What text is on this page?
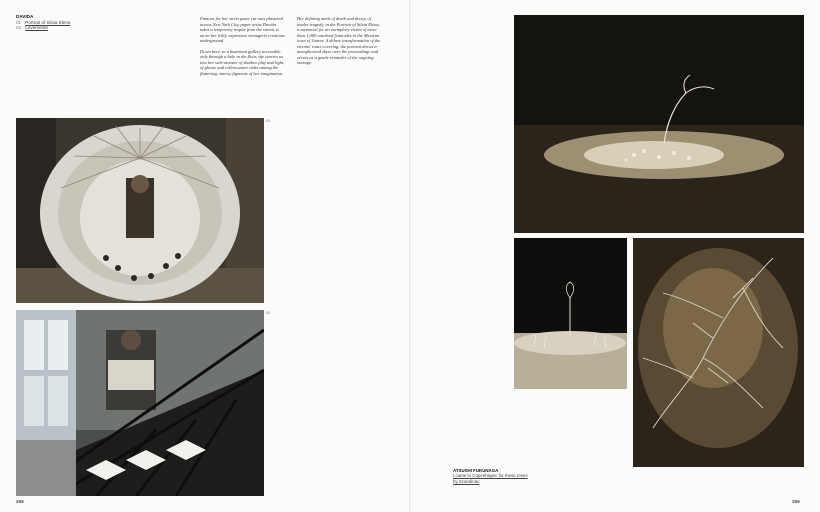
DAVIDA
01 Portrait of Silvia Elena
02 Levemente

Famous for her street paste cut-outs plastered across New York City, paper artist Davida takes a temporary respite from the streets to move her frilly, expressive menagerie creations underground.

Down here, in a basement gallery accessible only through a hole in the floor, she carries us into her web-mixture of shadow play and light, of ghosts and rollercoaster rides among the fluttering, sinewy figments of her imagination.

Her defining mark of death and decay, of tender tragedy, in the Portrait of Silvia Elena, a memorial for an exemplary victim of more than 1,000 unsolved femicides in the Mexican town of Juarez. A deluxe transformation of the victims' exact covering, the portrait draws a metaphorical sheet over the proceedings and serves as a gentle reminder of the ongoing outrage.

01
02
ATSUSHI FUKUNAGA
I came to Copenhagen for these tones
by Scandinav
258	259
